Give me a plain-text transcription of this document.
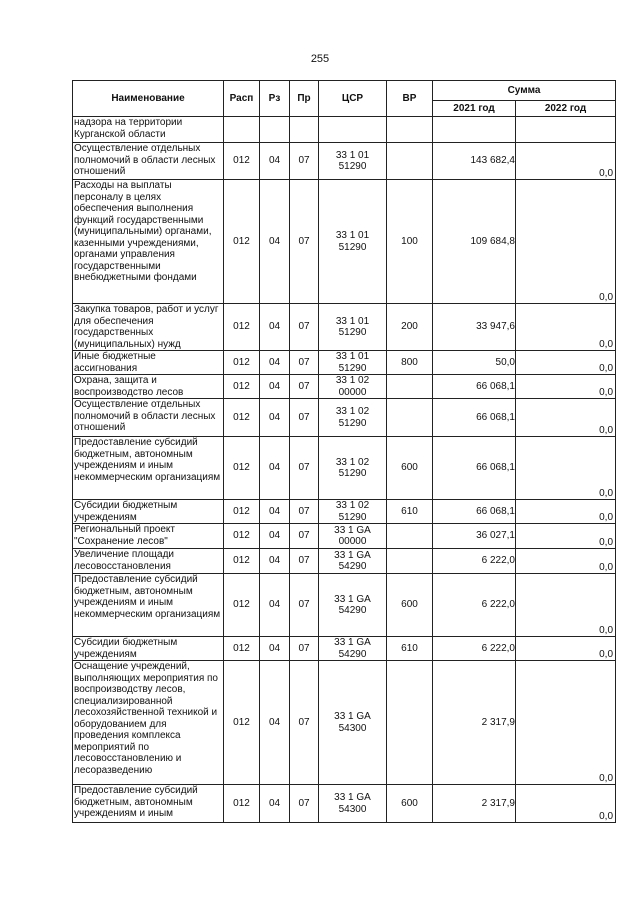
255
Наименование	Расп	Рз	Пр	ЦСР	ВР	Сумма	
						2021 год	2022 год
надзора на территории Курганской области							
Осуществление отдельных полномочий в области лесных отношений	012	04	07	33 1 01 51290		143 682,4	0,0
Расходы на выплаты персоналу в целях обеспечения выполнения функций государственными (муниципальными) органами, казенными учреждениями, органами управления государственными внебюджетными фондами	012	04	07	33 1 01 51290	100	109 684,8	0,0
Закупка товаров, работ и услуг для обеспечения государственных (муниципальных) нужд	012	04	07	33 1 01 51290	200	33 947,6	0,0
Иные бюджетные ассигнования	012	04	07	33 1 01 51290	800	50,0	0,0
Охрана, защита и воспроизводство лесов	012	04	07	33 1 02 00000		66 068,1	0,0
Осуществление отдельных полномочий в области лесных отношений	012	04	07	33 1 02 51290		66 068,1	0,0
Предоставление субсидий бюджетным, автономным учреждениям и иным некоммерческим организациям	012	04	07	33 1 02 51290	600	66 068,1	0,0
Субсидии бюджетным учреждениям	012	04	07	33 1 02 51290	610	66 068,1	0,0
Региональный проект "Сохранение лесов"	012	04	07	33 1 GA 00000		36 027,1	0,0
Увеличение площади лесовосстановления	012	04	07	33 1 GA 54290		6 222,0	0,0
Предоставление субсидий бюджетным, автономным учреждениям и иным некоммерческим организациям	012	04	07	33 1 GA 54290	600	6 222,0	0,0
Субсидии бюджетным учреждениям	012	04	07	33 1 GA 54290	610	6 222,0	0,0
Оснащение учреждений, выполняющих мероприятия по воспроизводству лесов, специализированной лесохозяйственной техникой и оборудованием для проведения комплекса мероприятий по лесовосстановлению и лесоразведению	012	04	07	33 1 GA 54300		2 317,9	0,0
Предоставление субсидий бюджетным, автономным учреждениям и иным	012	04	07	33 1 GA 54300	600	2 317,9	0,0
